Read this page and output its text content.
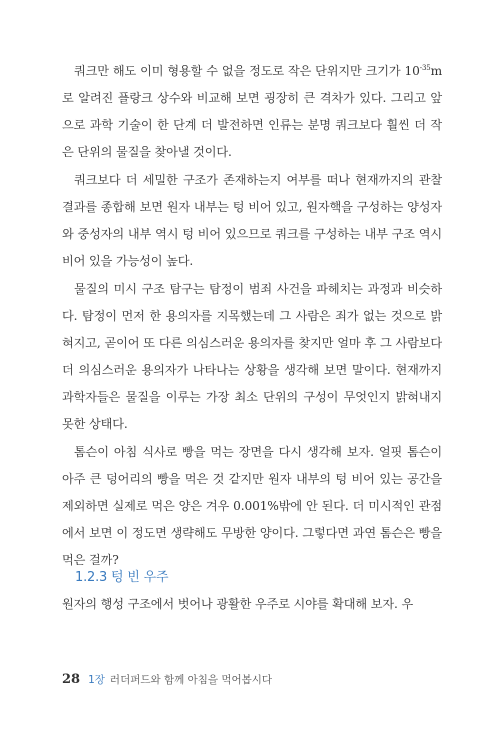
쿼크만 해도 이미 형용할 수 없을 정도로 작은 단위지만 크기가 $10^{-35}m$로 알려진 플랑크 상수와 비교해 보면 굉장히 큰 격차가 있다. 그리고 앞으로 과학 기술이 한 단계 더 발전하면 인류는 분명 쿼크보다 훨씬 더 작은 단위의 물질을 찾아낼 것이다.

쿼크보다 더 세밀한 구조가 존재하는지 여부를 떠나 현재까지의 관찰 결과를 종합해 보면 원자 내부는 텅 비어 있고, 원자핵을 구성하는 양성자와 중성자의 내부 역시 텅 비어 있으므로 쿼크를 구성하는 내부 구조 역시 비어 있을 가능성이 높다.

물질의 미시 구조 탐구는 탐정이 범죄 사건을 파헤치는 과정과 비슷하다. 탐정이 먼저 한 용의자를 지목했는데 그 사람은 죄가 없는 것으로 밝혀지고, 곧이어 또 다른 의심스러운 용의자를 찾지만 얼마 후 그 사람보다 더 의심스러운 용의자가 나타나는 상황을 생각해 보면 말이다. 현재까지 과학자들은 물질을 이루는 가장 최소 단위의 구성이 무엇인지 밝혀내지 못한 상태다.

톰슨이 아침 식사로 빵을 먹는 장면을 다시 생각해 보자. 얼핏 톰슨이 아주 큰 덩어리의 빵을 먹은 것 같지만 원자 내부의 텅 비어 있는 공간을 제외하면 실제로 먹은 양은 겨우 0.001%밖에 안 된다. 더 미시적인 관점에서 보면 이 정도면 생략해도 무방한 양이다. 그렇다면 과연 톰슨은 빵을 먹은 걸까?

1.2.3 텅 빈 우주
원자의 행성 구조에서 벗어나 광활한 우주로 시야를 확대해 보자. 우
28 1장 러더퍼드와 함께 아침을 먹어봅시다
